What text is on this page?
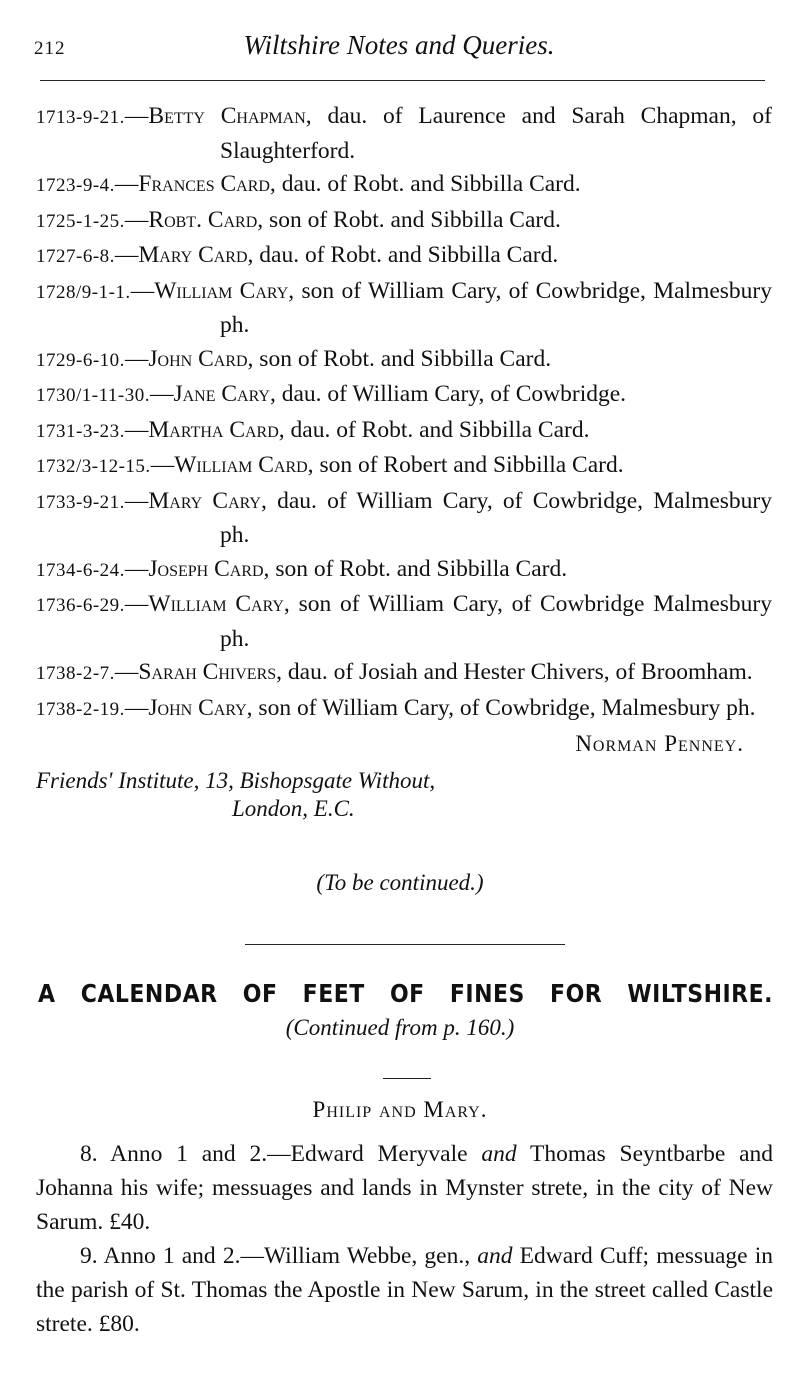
212	Wiltshire Notes and Queries.
1713-9-21.—Betty Chapman, dau. of Laurence and Sarah Chapman, of Slaughterford.
1723-9-4.—Frances Card, dau. of Robt. and Sibbilla Card.
1725-1-25.—Robt. Card, son of Robt. and Sibbilla Card.
1727-6-8.—Mary Card, dau. of Robt. and Sibbilla Card.
1728/9-1-1.—William Cary, son of William Cary, of Cowbridge, Malmesbury ph.
1729-6-10.—John Card, son of Robt. and Sibbilla Card.
1730/1-11-30.—Jane Cary, dau. of William Cary, of Cowbridge.
1731-3-23.—Martha Card, dau. of Robt. and Sibbilla Card.
1732/3-12-15.—William Card, son of Robert and Sibbilla Card.
1733-9-21.—Mary Cary, dau. of William Cary, of Cowbridge, Malmesbury ph.
1734-6-24.—Joseph Card, son of Robt. and Sibbilla Card.
1736-6-29.—William Cary, son of William Cary, of Cowbridge Malmesbury ph.
1738-2-7.—Sarah Chivers, dau. of Josiah and Hester Chivers, of Broomham.
1738-2-19.—John Cary, son of William Cary, of Cowbridge, Malmesbury ph.
Norman Penney.
Friends' Institute, 13, Bishopsgate Without,
London, E.C.
(To be continued.)
A CALENDAR OF FEET OF FINES FOR WILTSHIRE.
(Continued from p. 160.)
Philip and Mary.

8. Anno 1 and 2.—Edward Meryvale and Thomas Seyntbarbe and Johanna his wife; messuages and lands in Mynster strete, in the city of New Sarum. £40.

9. Anno 1 and 2.—William Webbe, gen., and Edward Cuff; messuage in the parish of St. Thomas the Apostle in New Sarum, in the street called Castle strete. £80.
